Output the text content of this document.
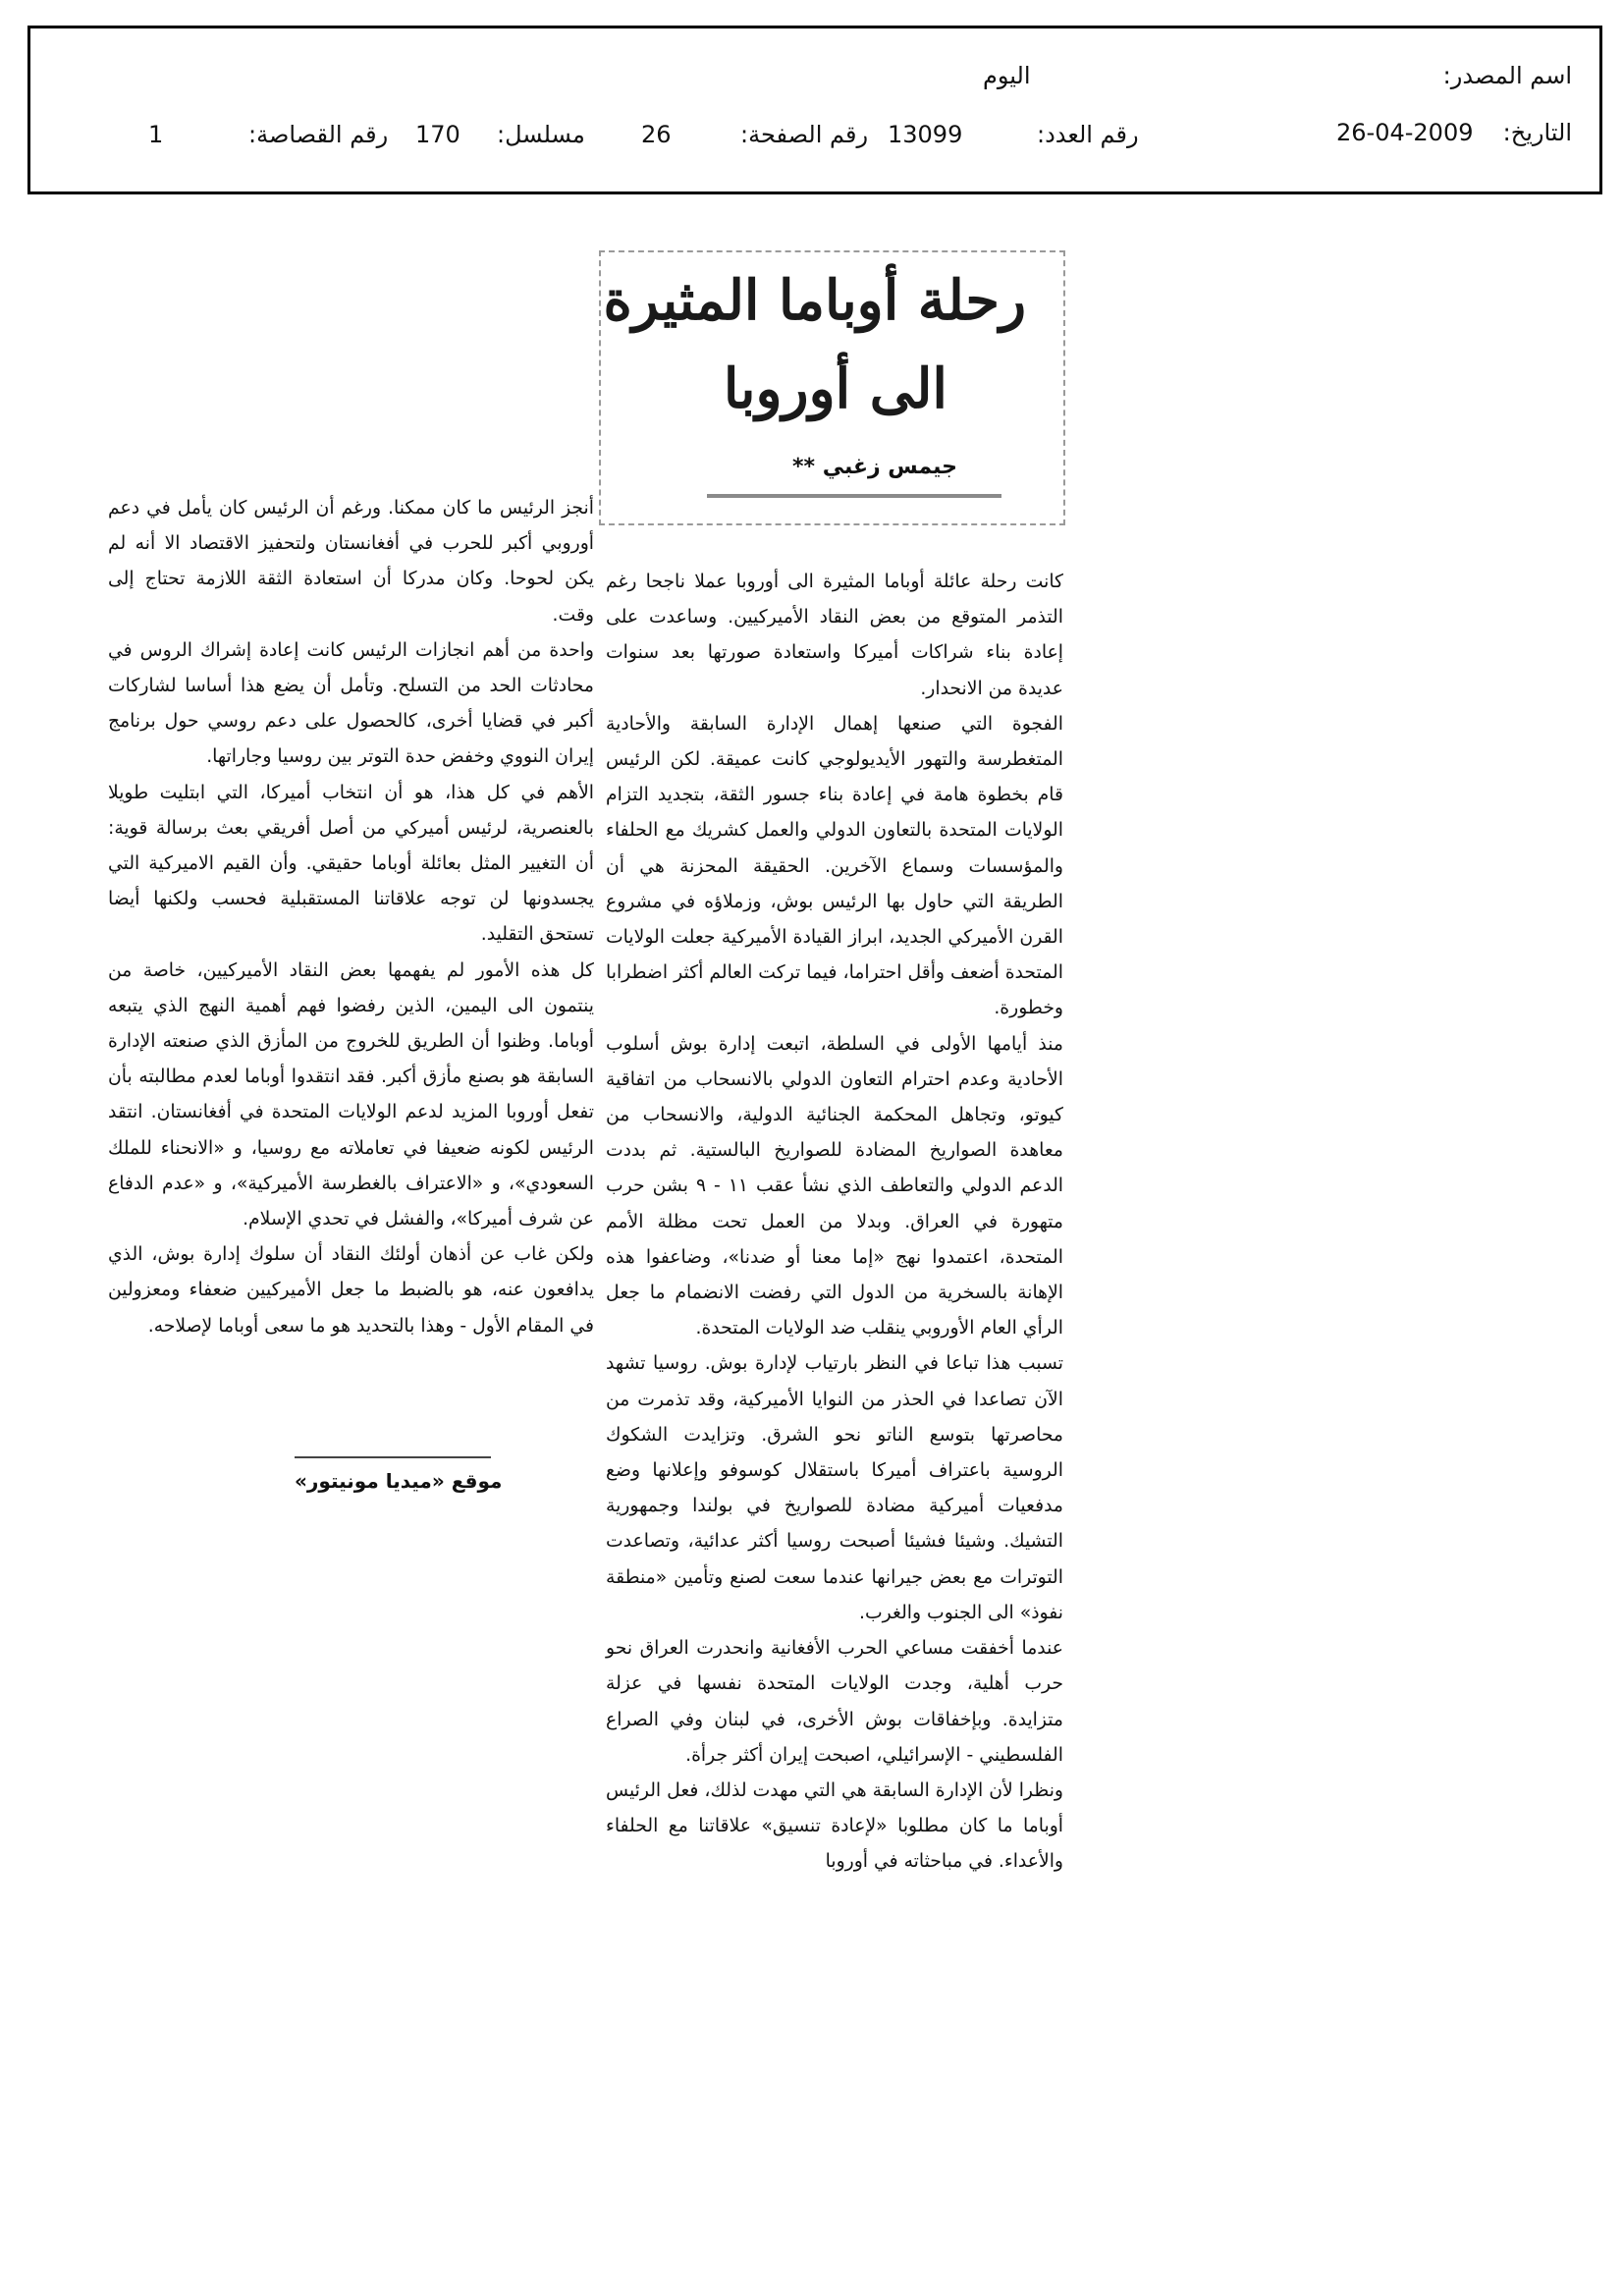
اسم المصدر:
اليوم
التاريخ:
26-04-2009
رقم العدد:
13099
رقم الصفحة:
26
مسلسل:
170
رقم القصاصة:
1
رحلة أوباما المثيرة
الى أوروبا
جيمس زغبي **

كانت رحلة عائلة أوباما المثيرة الى أوروبا عملا ناجحا رغم التذمر المتوقع من بعض النقاد الأميركيين. وساعدت على إعادة بناء شراكات أميركا واستعادة صورتها بعد سنوات عديدة من الانحدار.

الفجوة التي صنعها إهمال الإدارة السابقة والأحادية المتغطرسة والتهور الأيديولوجي كانت عميقة. لكن الرئيس قام بخطوة هامة في إعادة بناء جسور الثقة، بتجديد التزام الولايات المتحدة بالتعاون الدولي والعمل كشريك مع الحلفاء والمؤسسات وسماع الآخرين. الحقيقة المحزنة هي أن الطريقة التي حاول بها الرئيس بوش، وزملاؤه في مشروع القرن الأميركي الجديد، ابراز القيادة الأميركية جعلت الولايات المتحدة أضعف وأقل احتراما، فيما تركت العالم أكثر اضطرابا وخطورة.

منذ أيامها الأولى في السلطة، اتبعت إدارة بوش أسلوب الأحادية وعدم احترام التعاون الدولي بالانسحاب من اتفاقية كيوتو، وتجاهل المحكمة الجنائية الدولية، والانسحاب من معاهدة الصواريخ المضادة للصواريخ البالستية. ثم بددت الدعم الدولي والتعاطف الذي نشأ عقب ١١ - ٩ بشن حرب متهورة في العراق. وبدلا من العمل تحت مظلة الأمم المتحدة، اعتمدوا نهج «إما معنا أو ضدنا»، وضاعفوا هذه الإهانة بالسخرية من الدول التي رفضت الانضمام ما جعل الرأي العام الأوروبي ينقلب ضد الولايات المتحدة.

تسبب هذا تباعا في النظر بارتياب لإدارة بوش. روسيا تشهد الآن تصاعدا في الحذر من النوايا الأميركية، وقد تذمرت من محاصرتها بتوسع الناتو نحو الشرق. وتزايدت الشكوك الروسية باعتراف أميركا باستقلال كوسوفو وإعلانها وضع مدفعيات أميركية مضادة للصواريخ في بولندا وجمهورية التشيك. وشيئا فشيئا أصبحت روسيا أكثر عدائية، وتصاعدت التوترات مع بعض جيرانها عندما سعت لصنع وتأمين «منطقة نفوذ» الى الجنوب والغرب.

عندما أخفقت مساعي الحرب الأفغانية وانحدرت العراق نحو حرب أهلية، وجدت الولايات المتحدة نفسها في عزلة متزايدة. وبإخفاقات بوش الأخرى، في لبنان وفي الصراع الفلسطيني - الإسرائيلي، اصبحت إيران أكثر جرأة.

ونظرا لأن الإدارة السابقة هي التي مهدت لذلك، فعل الرئيس أوباما ما كان مطلوبا «لإعادة تنسيق» علاقاتنا مع الحلفاء والأعداء. في مباحثاته في أوروبا

أنجز الرئيس ما كان ممكنا. ورغم أن الرئيس كان يأمل في دعم أوروبي أكبر للحرب في أفغانستان ولتحفيز الاقتصاد الا أنه لم يكن لحوحا. وكان مدركا أن استعادة الثقة اللازمة تحتاج إلى وقت.

واحدة من أهم انجازات الرئيس كانت إعادة إشراك الروس في محادثات الحد من التسلح. وتأمل أن يضع هذا أساسا لشاركات أكبر في قضايا أخرى، كالحصول على دعم روسي حول برنامج إيران النووي وخفض حدة التوتر بين روسيا وجاراتها.

الأهم في كل هذا، هو أن انتخاب أميركا، التي ابتليت طويلا بالعنصرية، لرئيس أميركي من أصل أفريقي بعث برسالة قوية: أن التغيير المثل بعائلة أوباما حقيقي. وأن القيم الاميركية التي يجسدونها لن توجه علاقاتنا المستقبلية فحسب ولكنها أيضا تستحق التقليد.

كل هذه الأمور لم يفهمها بعض النقاد الأميركيين، خاصة من ينتمون الى اليمين، الذين رفضوا فهم أهمية النهج الذي يتبعه أوباما. وظنوا أن الطريق للخروج من المأزق الذي صنعته الإدارة السابقة هو بصنع مأزق أكبر. فقد انتقدوا أوباما لعدم مطالبته بأن تفعل أوروبا المزيد لدعم الولايات المتحدة في أفغانستان. انتقد الرئيس لكونه ضعيفا في تعاملاته مع روسيا، و «الانحناء للملك السعودي»، و «الاعتراف بالغطرسة الأميركية»، و «عدم الدفاع عن شرف أميركا»، والفشل في تحدي الإسلام.

ولكن غاب عن أذهان أولئك النقاد أن سلوك إدارة بوش، الذي يدافعون عنه، هو بالضبط ما جعل الأميركيين ضعفاء ومعزولين في المقام الأول - وهذا بالتحديد هو ما سعى أوباما لإصلاحه.

موقع «ميديا مونيتور»
